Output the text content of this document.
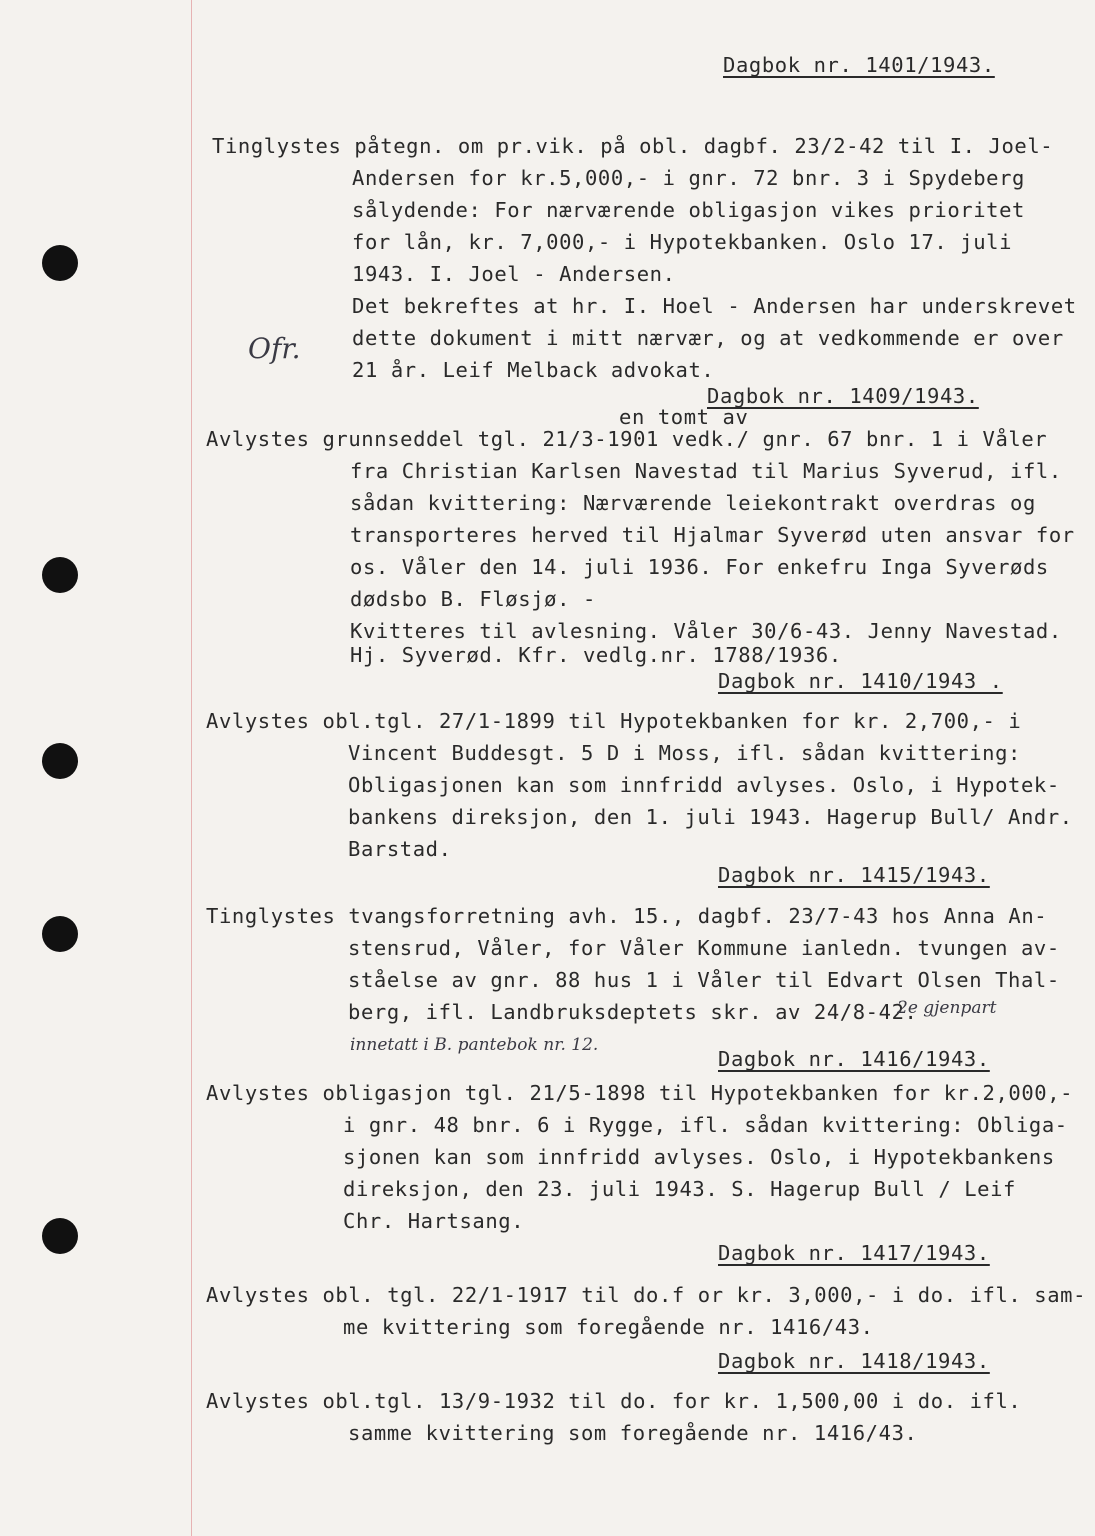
Ofr.
Dagbok nr. 1401/1943.
Tinglystes påtegn. om pr.vik. på obl. dagbf. 23/2-42 til I. Joel-
Andersen for kr.5,000,- i gnr. 72 bnr. 3 i Spydeberg
sålydende: For nærværende obligasjon vikes prioritet
for lån, kr. 7,000,- i Hypotekbanken. Oslo 17. juli
1943. I. Joel - Andersen.
Det bekreftes at hr. I. Hoel - Andersen har underskrevet
dette dokument i mitt nærvær, og at vedkommende er over
21 år. Leif Melback advokat.
Dagbok nr. 1409/1943.
en tomt av
Avlystes grunnseddel tgl. 21/3-1901 vedk./ gnr. 67 bnr. 1 i Våler
fra Christian Karlsen Navestad til Marius Syverud, ifl.
sådan kvittering: Nærværende leiekontrakt overdras og
transporteres herved til Hjalmar Syverød uten ansvar for
os. Våler den 14. juli 1936. For enkefru Inga Syverøds
dødsbo B. Fløsjø. -
Kvitteres til avlesning. Våler 30/6-43. Jenny Navestad.
Hj. Syverød. Kfr. vedlg.nr. 1788/1936.
Dagbok nr. 1410/1943 .
Avlystes obl.tgl. 27/1-1899 til Hypotekbanken for kr. 2,700,- i
Vincent Buddesgt. 5 D i Moss, ifl. sådan kvittering:
Obligasjonen kan som innfridd avlyses. Oslo, i Hypotek-
bankens direksjon, den 1. juli 1943. Hagerup Bull/ Andr.
Barstad.
Dagbok nr. 1415/1943.
Tinglystes tvangsforretning avh. 15., dagbf. 23/7-43 hos Anna An-
stensrud, Våler, for Våler Kommune ianledn. tvungen av-
ståelse av gnr. 88 hus 1 i Våler til Edvart Olsen Thal-
berg, ifl. Landbruksdeptets skr. av 24/8-42.
2e gjenpart
innetatt i B. pantebok nr. 12.
Dagbok nr. 1416/1943.
Avlystes obligasjon tgl. 21/5-1898 til Hypotekbanken for kr.2,000,-
i gnr. 48 bnr. 6 i Rygge, ifl. sådan kvittering: Obliga-
sjonen kan som innfridd avlyses. Oslo, i Hypotekbankens
direksjon, den 23. juli 1943. S. Hagerup Bull / Leif
Chr. Hartsang.
Dagbok nr. 1417/1943.
Avlystes obl. tgl. 22/1-1917 til do.f or kr. 3,000,- i do. ifl. sam-
me kvittering som foregående nr. 1416/43.
Dagbok nr. 1418/1943.
Avlystes obl.tgl. 13/9-1932 til do. for kr. 1,500,00 i do. ifl.
samme kvittering som foregående nr. 1416/43.
